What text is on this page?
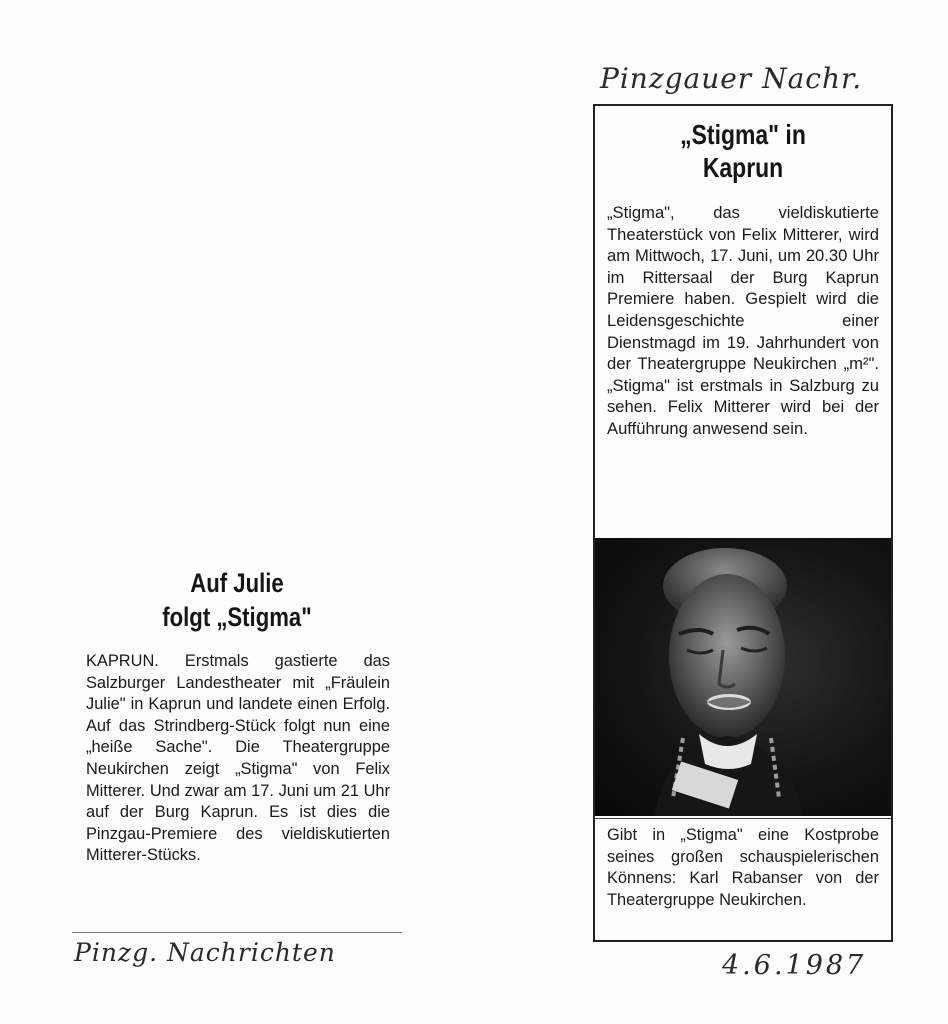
Pinzgauer Nachr.
Auf Julie
folgt „Stigma"
KAPRUN. Erstmals gastierte das Salzburger Landestheater mit „Fräulein Julie" in Kaprun und landete einen Erfolg. Auf das Strindberg-Stück folgt nun eine „heiße Sache". Die Theatergruppe Neukirchen zeigt „Stigma" von Felix Mitterer. Und zwar am 17. Juni um 21 Uhr auf der Burg Kaprun. Es ist dies die Pinzgau-Premiere des vieldiskutierten Mitterer-Stücks.
Pinzg. Nachrichten
„Stigma" in
Kaprun
„Stigma", das vieldiskutierte Theaterstück von Felix Mitterer, wird am Mittwoch, 17. Juni, um 20.30 Uhr im Rittersaal der Burg Kaprun Premiere haben. Gespielt wird die Leidensgeschichte einer Dienstmagd im 19. Jahrhundert von der Theatergruppe Neukirchen „m²". „Stigma" ist erstmals in Salzburg zu sehen. Felix Mitterer wird bei der Aufführung anwesend sein.
Gibt in „Stigma" eine Kostprobe seines großen schauspielerischen Könnens: Karl Rabanser von der Theatergruppe Neukirchen.
4.6.1987
